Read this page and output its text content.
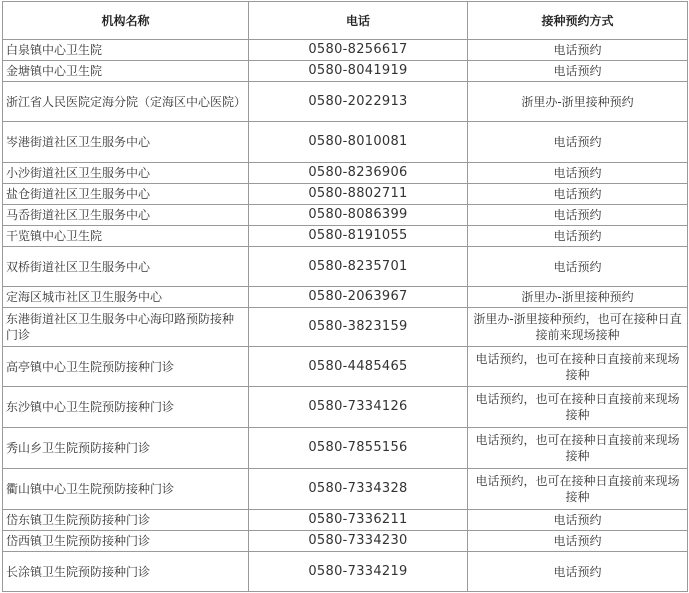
机构名称	电话	接种预约方式
白泉镇中心卫生院	0580-8256617	电话预约
金塘镇中心卫生院	0580-8041919	电话预约
浙江省人民医院定海分院（定海区中心医院）	0580-2022913	浙里办-浙里接种预约
岑港街道社区卫生服务中心	0580-8010081	电话预约
小沙街道社区卫生服务中心	0580-8236906	电话预约
盐仓街道社区卫生服务中心	0580-8802711	电话预约
马岙街道社区卫生服务中心	0580-8086399	电话预约
干览镇中心卫生院	0580-8191055	电话预约
双桥街道社区卫生服务中心	0580-8235701	电话预约
定海区城市社区卫生服务中心	0580-2063967	浙里办-浙里接种预约
东港街道社区卫生服务中心海印路预防接种门诊	0580-3823159	浙里办-浙里接种预约，也可在接种日直接前来现场接种
高亭镇中心卫生院预防接种门诊	0580-4485465	电话预约，也可在接种日直接前来现场接种
东沙镇中心卫生院预防接种门诊	0580-7334126	电话预约，也可在接种日直接前来现场接种
秀山乡卫生院预防接种门诊	0580-7855156	电话预约，也可在接种日直接前来现场接种
衢山镇中心卫生院预防接种门诊	0580-7334328	电话预约，也可在接种日直接前来现场接种
岱东镇卫生院预防接种门诊	0580-7336211	电话预约
岱西镇卫生院预防接种门诊	0580-7334230	电话预约
长涂镇卫生院预防接种门诊	0580-7334219	电话预约
